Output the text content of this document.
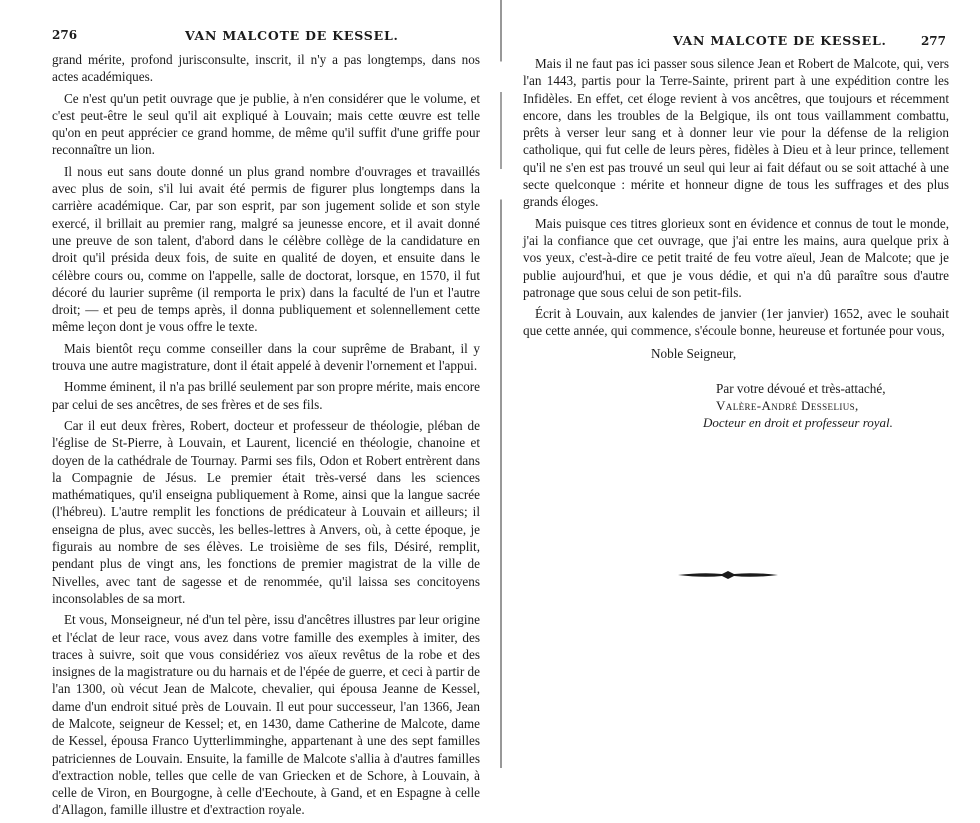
276	VAN MALCOTE DE KESSEL.

grand mérite, profond jurisconsulte, inscrit, il n'y a pas longtemps, dans nos actes académiques.

Ce n'est qu'un petit ouvrage que je publie, à n'en considérer que le volume, et c'est peut-être le seul qu'il ait expliqué à Louvain; mais cette œuvre est telle qu'on en peut apprécier ce grand homme, de même qu'il suffit d'une griffe pour reconnaître un lion.

Il nous eut sans doute donné un plus grand nombre d'ouvrages et travaillés avec plus de soin, s'il lui avait été permis de figurer plus longtemps dans la carrière académique. Car, par son esprit, par son jugement solide et son style exercé, il brillait au premier rang, malgré sa jeunesse encore, et il avait donné une preuve de son talent, d'abord dans le célèbre collège de la candidature en droit qu'il présida deux fois, de suite en qualité de doyen, et ensuite dans le célèbre cours ou, comme on l'appelle, salle de doctorat, lorsque, en 1570, il fut décoré du laurier suprême (il remporta le prix) dans la faculté de l'un et l'autre droit; — et peu de temps après, il donna publiquement et solennellement cette même leçon dont je vous offre le texte.

Mais bientôt reçu comme conseiller dans la cour suprême de Brabant, il y trouva une autre magistrature, dont il était appelé à devenir l'ornement et l'appui.

Homme éminent, il n'a pas brillé seulement par son propre mérite, mais encore par celui de ses ancêtres, de ses frères et de ses fils.

Car il eut deux frères, Robert, docteur et professeur de théologie, pléban de l'église de St-Pierre, à Louvain, et Laurent, licencié en théologie, chanoine et doyen de la cathédrale de Tournay. Parmi ses fils, Odon et Robert entrèrent dans la Compagnie de Jésus. Le premier était très-versé dans les sciences mathématiques, qu'il enseigna publiquement à Rome, ainsi que la langue sacrée (l'hébreu). L'autre remplit les fonctions de prédicateur à Louvain et ailleurs; il enseigna de plus, avec succès, les belles-lettres à Anvers, où, à cette époque, je figurais au nombre de ses élèves. Le troisième de ses fils, Désiré, remplit, pendant plus de vingt ans, les fonctions de premier magistrat de la ville de Nivelles, avec tant de sagesse et de renommée, qu'il laissa ses concitoyens inconsolables de sa mort.

Et vous, Monseigneur, né d'un tel père, issu d'ancêtres illustres par leur origine et l'éclat de leur race, vous avez dans votre famille des exemples à imiter, des traces à suivre, soit que vous considériez vos aïeux revêtus de la robe et des insignes de la magistrature ou du harnais et de l'épée de guerre, et ceci à partir de l'an 1300, où vécut Jean de Malcote, chevalier, qui épousa Jeanne de Kessel, dame d'un endroit situé près de Louvain. Il eut pour successeur, l'an 1366, Jean de Malcote, seigneur de Kessel; et, en 1430, dame Catherine de Malcote, dame de Kessel, épousa Franco Uytterlimminghe, appartenant à une des sept familles patriciennes de Louvain. Ensuite, la famille de Malcote s'allia à d'autres familles d'extraction noble, telles que celle de van Griecken et de Schore, à Louvain, à celle de Viron, en Bourgogne, à celle d'Eechoute, à Gand, et en Espagne à celle d'Allagon, famille illustre et d'extraction royale.

VAN MALCOTE DE KESSEL.	277

Mais il ne faut pas ici passer sous silence Jean et Robert de Malcote, qui, vers l'an 1443, partis pour la Terre-Sainte, prirent part à une expédition contre les Infidèles. En effet, cet éloge revient à vos ancêtres, que toujours et récemment encore, dans les troubles de la Belgique, ils ont tous vaillamment combattu, prêts à verser leur sang et à donner leur vie pour la défense de la religion catholique, qui fut celle de leurs pères, fidèles à Dieu et à leur prince, tellement qu'il ne s'en est pas trouvé un seul qui leur ai fait défaut ou se soit attaché à une secte quelconque : mérite et honneur digne de tous les suffrages et des plus grands éloges.

Mais puisque ces titres glorieux sont en évidence et connus de tout le monde, j'ai la confiance que cet ouvrage, que j'ai entre les mains, aura quelque prix à vos yeux, c'est-à-dire ce petit traité de feu votre aïeul, Jean de Malcote; que je publie aujourd'hui, et que je vous dédie, et qui n'a dû paraître sous d'autre patronage que sous celui de son petit-fils.

Écrit à Louvain, aux kalendes de janvier (1er janvier) 1652, avec le souhait que cette année, qui commence, s'écoule bonne, heureuse et fortunée pour vous,

Noble Seigneur,
Par votre dévoué et très-attaché,
Valère-André Desselius,
Docteur en droit et professeur royal.
